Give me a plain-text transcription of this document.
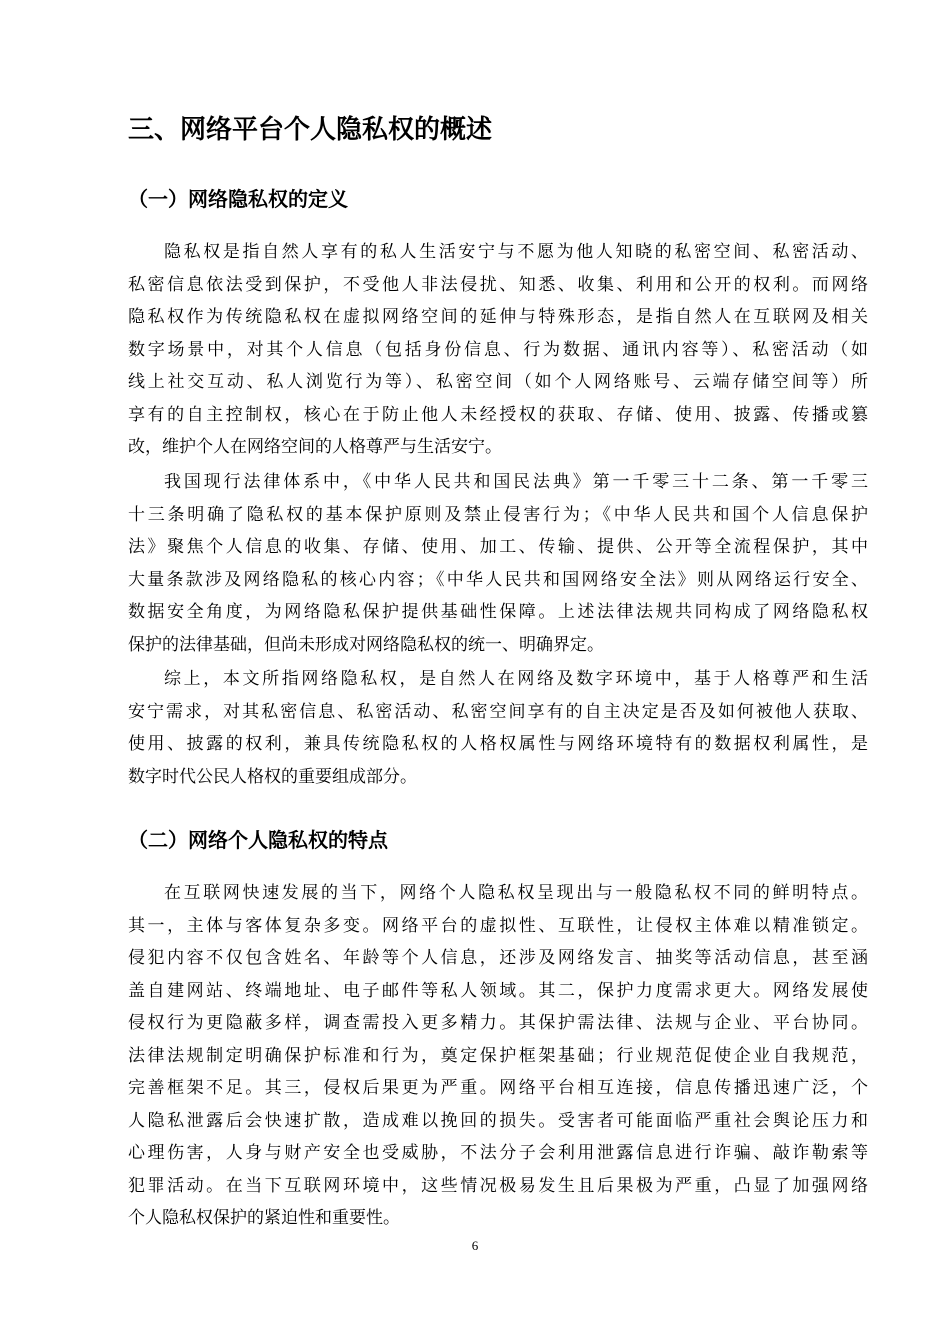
三、网络平台个人隐私权的概述
（一）网络隐私权的定义

隐私权是指自然人享有的私人生活安宁与不愿为他人知晓的私密空间、私密活动、
私密信息依法受到保护，不受他人非法侵扰、知悉、收集、利用和公开的权利。而网络
隐私权作为传统隐私权在虚拟网络空间的延伸与特殊形态，是指自然人在互联网及相关
数字场景中，对其个人信息（包括身份信息、行为数据、通讯内容等）、私密活动（如
线上社交互动、私人浏览行为等）、私密空间（如个人网络账号、云端存储空间等）所
享有的自主控制权，核心在于防止他人未经授权的获取、存储、使用、披露、传播或篡
改，维护个人在网络空间的人格尊严与生活安宁。

我国现行法律体系中，《中华人民共和国民法典》第一千零三十二条、第一千零三
十三条明确了隐私权的基本保护原则及禁止侵害行为；《中华人民共和国个人信息保护
法》聚焦个人信息的收集、存储、使用、加工、传输、提供、公开等全流程保护，其中
大量条款涉及网络隐私的核心内容；《中华人民共和国网络安全法》则从网络运行安全、
数据安全角度，为网络隐私保护提供基础性保障。上述法律法规共同构成了网络隐私权
保护的法律基础，但尚未形成对网络隐私权的统一、明确界定。

综上，本文所指网络隐私权，是自然人在网络及数字环境中，基于人格尊严和生活
安宁需求，对其私密信息、私密活动、私密空间享有的自主决定是否及如何被他人获取、
使用、披露的权利，兼具传统隐私权的人格权属性与网络环境特有的数据权利属性，是
数字时代公民人格权的重要组成部分。

（二）网络个人隐私权的特点

在互联网快速发展的当下，网络个人隐私权呈现出与一般隐私权不同的鲜明特点。
其一，主体与客体复杂多变。网络平台的虚拟性、互联性，让侵权主体难以精准锁定。
侵犯内容不仅包含姓名、年龄等个人信息，还涉及网络发言、抽奖等活动信息，甚至涵
盖自建网站、终端地址、电子邮件等私人领域。其二，保护力度需求更大。网络发展使
侵权行为更隐蔽多样，调查需投入更多精力。其保护需法律、法规与企业、平台协同。
法律法规制定明确保护标准和行为，奠定保护框架基础；行业规范促使企业自我规范，
完善框架不足。其三，侵权后果更为严重。网络平台相互连接，信息传播迅速广泛，个
人隐私泄露后会快速扩散，造成难以挽回的损失。受害者可能面临严重社会舆论压力和
心理伤害，人身与财产安全也受威胁，不法分子会利用泄露信息进行诈骗、敲诈勒索等
犯罪活动。在当下互联网环境中，这些情况极易发生且后果极为严重，凸显了加强网络
个人隐私权保护的紧迫性和重要性。

6
